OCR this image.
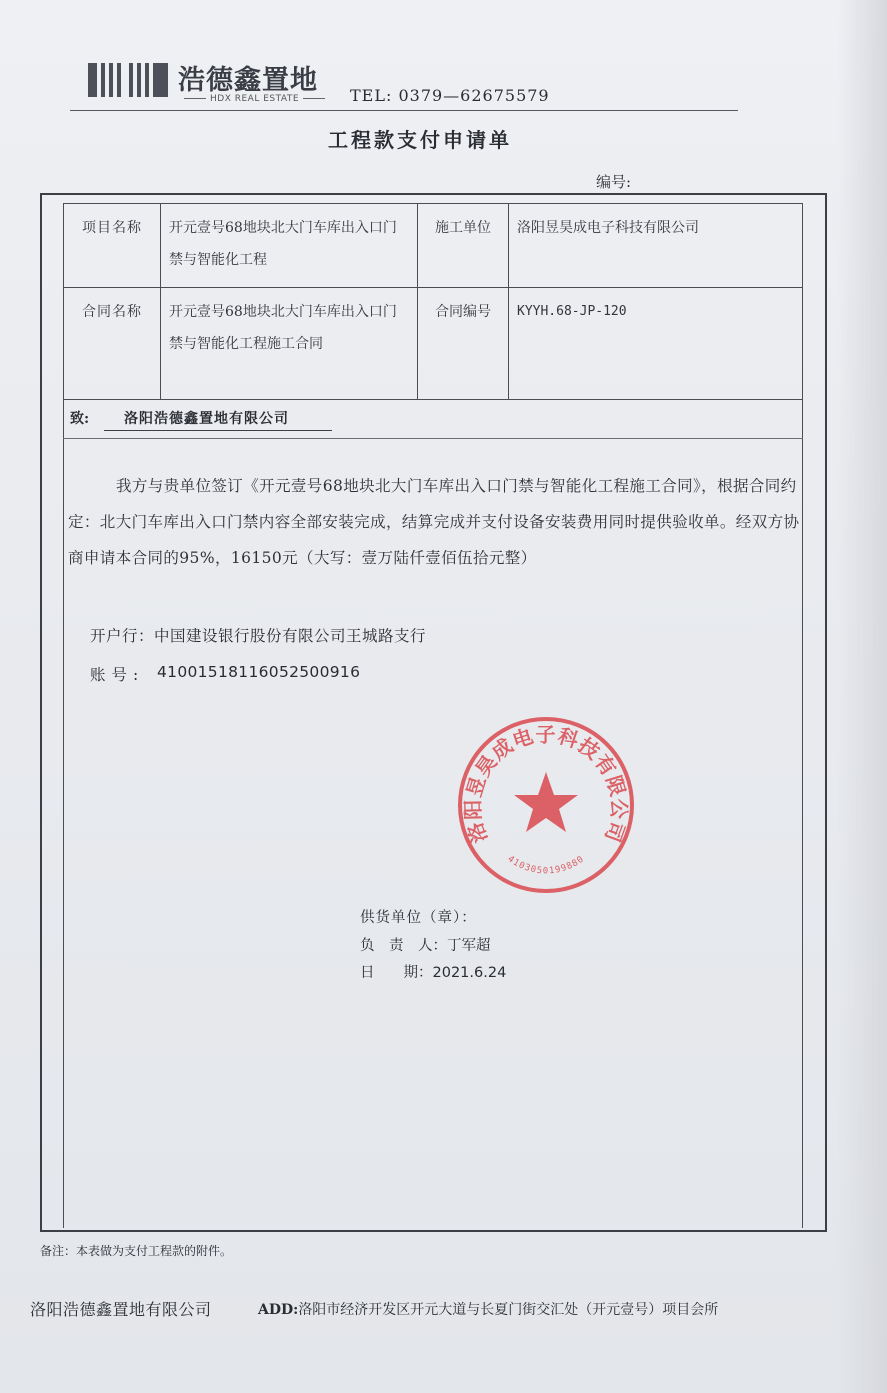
浩德鑫置地
HDX REAL ESTATE	TEL: 0379—62675579
工程款支付申请单
编号:
项目名称	开元壹号68地块北大门车库出入口门禁与智能化工程	施工单位	洛阳昱昊成电子科技有限公司
合同名称	开元壹号68地块北大门车库出入口门禁与智能化工程施工合同	合同编号	KYYH.68-JP-120
致:	洛阳浩德鑫置地有限公司
我方与贵单位签订《开元壹号68地块北大门车库出入口门禁与智能化工程施工合同》，根据合同约定：北大门车库出入口门禁内容全部安装完成，结算完成并支付设备安装费用同时提供验收单。经双方协商申请本合同的95%，16150元（大写：壹万陆仟壹佰伍拾元整）
开户行：中国建设银行股份有限公司王城路支行
账号: 41001518116052500916
洛阳昱昊成电子科技有限公司
4103050199880
供货单位（章）：
负　责　人：丁军超
日　　期：2021.6.24
备注：本表做为支付工程款的附件。
洛阳浩德鑫置地有限公司	ADD:洛阳市经济开发区开元大道与长夏门街交汇处（开元壹号）项目会所
